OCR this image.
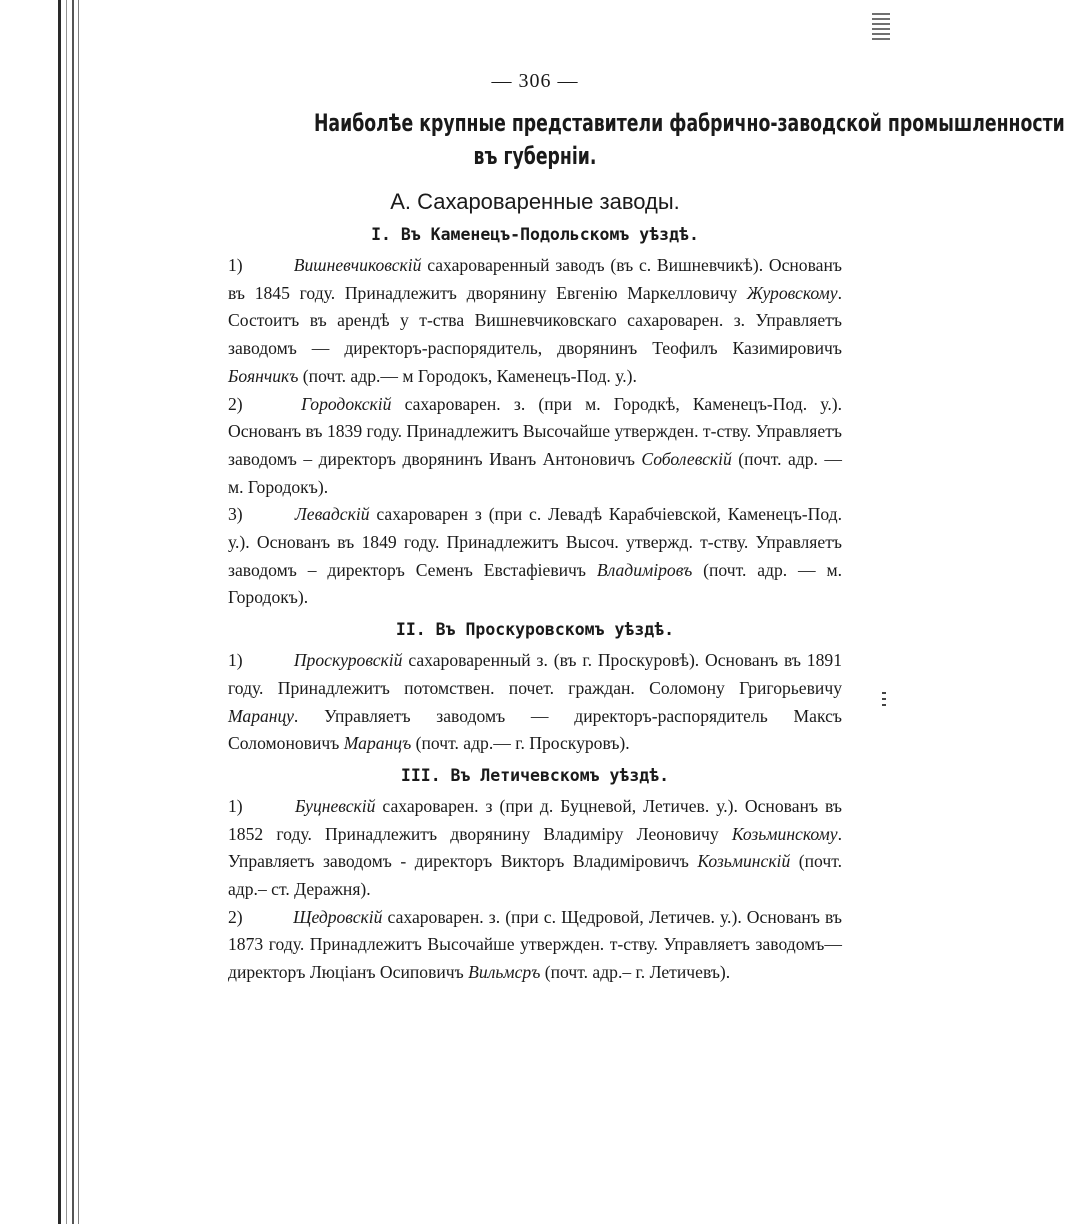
— 306 —
Наиболѣе крупные представители фабрично-заводской промышленности
въ губерніи.
А. Сахароваренные заводы.
I. Въ Каменецъ-Подольскомъ уѣздѣ.

1)	Вишневчиковскій сахароваренный заводъ (въ с. Вишневчикѣ). Основанъ въ 1845 году. Принадлежитъ дворянину Евгенію Маркелловичу Журовскому. Состоитъ въ арендѣ у т-ства Вишневчиковскаго сахароварен. з. Управляетъ заводомъ — директоръ-распорядитель, дворянинъ Теофилъ Казимировичъ Боянчикъ (почт. адр.— м Городокъ, Каменецъ-Под. у.).

2)	Городокскій сахароварен. з. (при м. Городкѣ, Каменецъ-Под. у.). Основанъ въ 1839 году. Принадлежитъ Высочайше утвержден. т-ству. Управляетъ заводомъ – директоръ дворянинъ Иванъ Антоновичъ Соболевскій (почт. адр. — м. Городокъ).

3)	Левадскій сахароварен з (при с. Левадѣ Карабчіевской, Каменецъ-Под. у.). Основанъ въ 1849 году. Принадлежитъ Высоч. утвержд. т-ству. Управляетъ заводомъ – директоръ Семенъ Евстафіевичъ Владиміровъ (почт. адр. — м. Городокъ).

II. Въ Проскуровскомъ уѣздѣ.

1)	Проскуровскій сахароваренный з. (въ г. Проскуровѣ). Основанъ въ 1891 году. Принадлежитъ потомствен. почет. граждан. Соломону Григорьевичу Маранцу. Управляетъ заводомъ — директоръ-распорядитель Максъ Соломоновичъ Маранцъ (почт. адр.— г. Проскуровъ).

III. Въ Летичевскомъ уѣздѣ.

1)	Буцневскій сахароварен. з (при д. Буцневой, Летичев. у.). Основанъ въ 1852 году. Принадлежитъ дворянину Владиміру Леоновичу Козьминскому. Управляетъ заводомъ - директоръ Викторъ Владиміровичъ Козьминскій (почт. адр.– ст. Деражня).

2)	Щедровскій сахароварен. з. (при с. Щедровой, Летичев. у.). Основанъ въ 1873 году. Принадлежитъ Высочайше утвержден. т-ству. Управляетъ заводомъ—директоръ Люціанъ Осиповичъ Вильмсръ (почт. адр.– г. Летичевъ).
